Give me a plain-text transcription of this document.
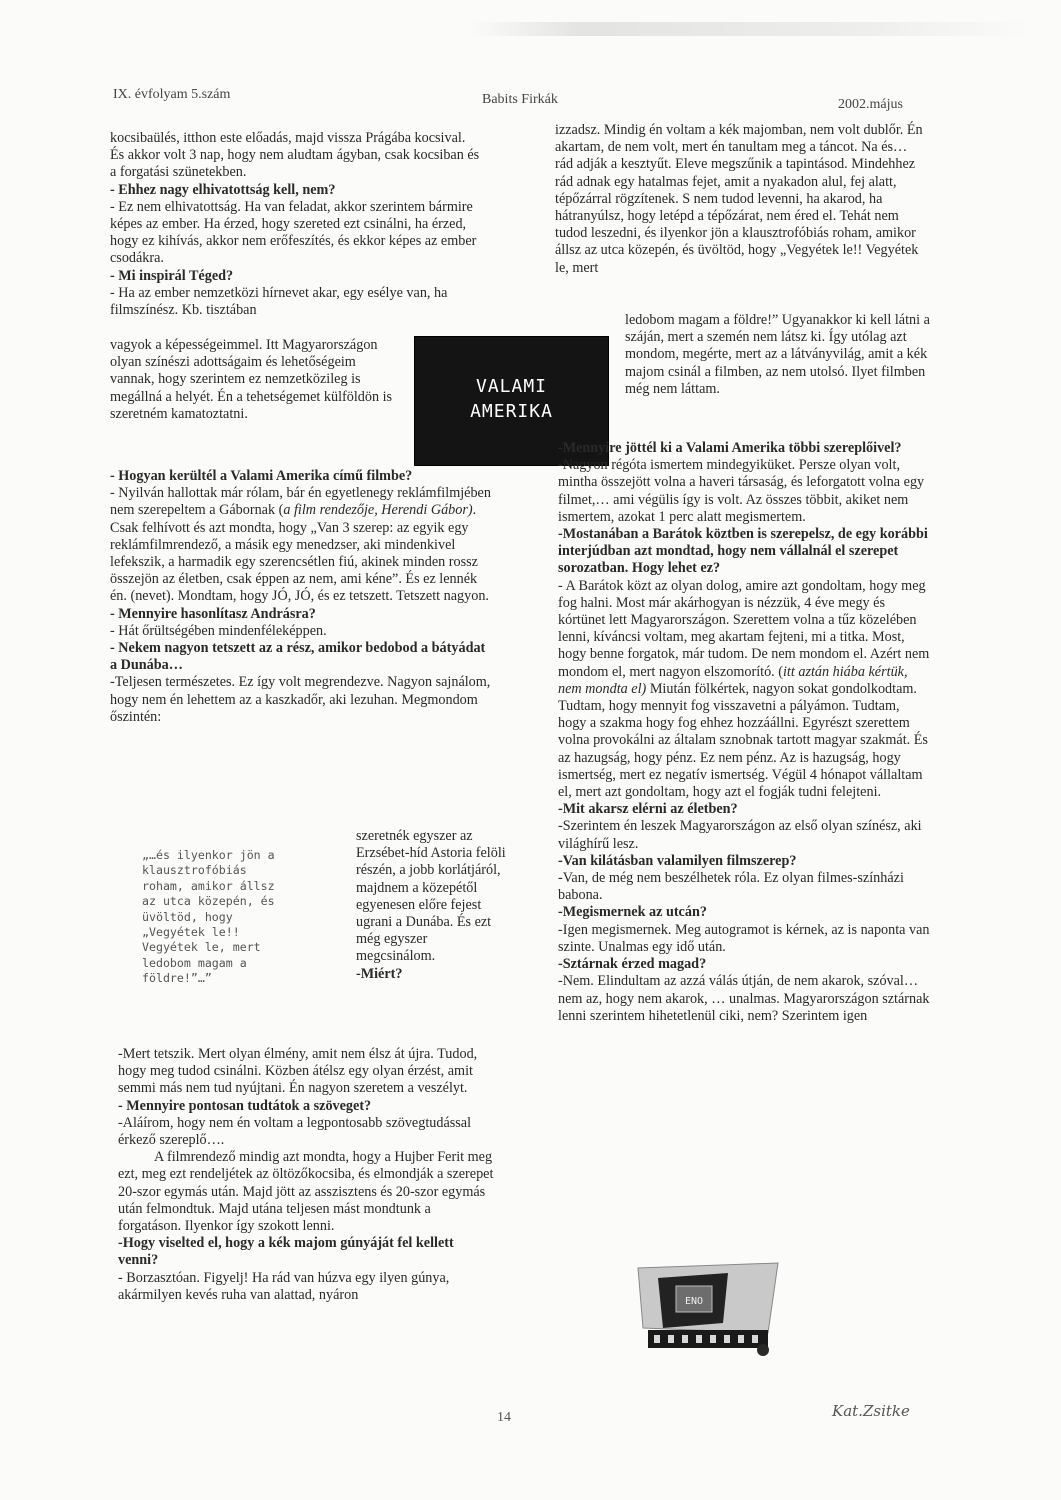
IX. évfolyam 5.szám	Babits Firkák	2002.május

kocsibaülés, itthon este előadás, majd vissza Prágába kocsival. És akkor volt 3 nap, hogy nem aludtam ágyban, csak kocsiban és a forgatási szünetekben.

- Ehhez nagy elhivatottság kell, nem?

- Ez nem elhivatottság. Ha van feladat, akkor szerintem bármire képes az ember. Ha érzed, hogy szereted ezt csinálni, ha érzed, hogy ez kihívás, akkor nem erőfeszítés, és ekkor képes az ember csodákra.

- Mi inspirál Téged?

- Ha az ember nemzetközi hírnevet akar, egy esélye van, ha filmszínész. Kb. tisztában

vagyok a képességeimmel. Itt Magyarországon olyan színészi adottságaim és lehetőségeim vannak, hogy szerintem ez nemzetközileg is megállná a helyét. Én a tehetségemet külföldön is szeretném kamatoztatni.

VALAMI
AMERIKA

- Hogyan kerültél a Valami Amerika című filmbe?

- Nyilván hallottak már rólam, bár én egyetlenegy reklámfilmjében nem szerepeltem a Gábornak (a film rendezője, Herendi Gábor). Csak felhívott és azt mondta, hogy „Van 3 szerep: az egyik egy reklámfilmrendező, a másik egy menedzser, aki mindenkivel lefekszik, a harmadik egy szerencsétlen fiú, akinek minden rossz összejön az életben, csak éppen az nem, ami kéne”. És ez lennék én. (nevet). Mondtam, hogy JÓ, JÓ, és ez tetszett. Tetszett nagyon.

- Mennyire hasonlítasz Andrásra?

- Hát őrültségében mindenféleképpen.

- Nekem nagyon tetszett az a rész, amikor bedobod a bátyádat a Dunába…

-Teljesen természetes. Ez így volt megrendezve. Nagyon sajnálom, hogy nem én lehettem az a kaszkadőr, aki lezuhan. Megmondom őszintén:

„…és ilyenkor jön a
klausztrofóbiás
roham, amikor állsz
az utca közepén, és
üvöltöd, hogy
„Vegyétek le!!
Vegyétek le, mert
ledobom magam a
földre!”…”

szeretnék egyszer az Erzsébet-híd Astoria felöli részén, a jobb korlátjáról, majdnem a közepétől egyenesen előre fejest ugrani a Dunába. És ezt még egyszer megcsinálom.

-Miért?

-Mert tetszik. Mert olyan élmény, amit nem élsz át újra. Tudod, hogy meg tudod csinálni. Közben átélsz egy olyan érzést, amit semmi más nem tud nyújtani. Én nagyon szeretem a veszélyt.

- Mennyire pontosan tudtátok a szöveget?

-Aláírom, hogy nem én voltam a legpontosabb szövegtudással érkező szereplő….

A filmrendező mindig azt mondta, hogy a Hujber Ferit meg ezt, meg ezt rendeljétek az öltözőkocsiba, és elmondják a szerepet 20-szor egymás után. Majd jött az asszisztens és 20-szor egymás után felmondtuk. Majd utána teljesen mást mondtunk a forgatáson. Ilyenkor így szokott lenni.

-Hogy viselted el, hogy a kék majom gúnyáját fel kellett venni?

- Borzasztóan. Figyelj! Ha rád van húzva egy ilyen gúnya, akármilyen kevés ruha van alattad, nyáron

izzadsz. Mindig én voltam a kék majomban, nem volt dublőr. Én akartam, de nem volt, mert én tanultam meg a táncot. Na és… rád adják a kesztyűt. Eleve megszűnik a tapintásod. Mindehhez rád adnak egy hatalmas fejet, amit a nyakadon alul, fej alatt, tépőzárral rögzítenek. S nem tudod levenni, ha akarod, ha hátranyúlsz, hogy letépd a tépőzárat, nem éred el. Tehát nem tudod leszedni, és ilyenkor jön a klausztrofóbiás roham, amikor állsz az utca közepén, és üvöltöd, hogy „Vegyétek le!! Vegyétek le, mert

ledobom magam a földre!” Ugyanakkor ki kell látni a száján, mert a szemén nem látsz ki. Így utólag azt mondom, megérte, mert az a látványvilág, amit a kék majom csinál a filmben, az nem utolsó. Ilyet filmben még nem láttam.

-Mennyire jöttél ki a Valami Amerika többi szereplőivel?

-Nagyon régóta ismertem mindegyiküket. Persze olyan volt, mintha összejött volna a haveri társaság, és leforgatott volna egy filmet,… ami végülis így is volt. Az összes többit, akiket nem ismertem, azokat 1 perc alatt megismertem.

-Mostanában a Barátok köztben is szerepelsz, de egy korábbi interjúdban azt mondtad, hogy nem vállalnál el szerepet sorozatban. Hogy lehet ez?

- A Barátok közt az olyan dolog, amire azt gondoltam, hogy meg fog halni. Most már akárhogyan is nézzük, 4 éve megy és kórtünet lett Magyarországon. Szerettem volna a tűz közelében lenni, kíváncsi voltam, meg akartam fejteni, mi a titka. Most, hogy benne forgatok, már tudom. De nem mondom el. Azért nem mondom el, mert nagyon elszomorító. (itt aztán hiába kértük, nem mondta el) Miután fölkértek, nagyon sokat gondolkodtam. Tudtam, hogy mennyit fog visszavetni a pályámon. Tudtam, hogy a szakma hogy fog ehhez hozzáállni. Egyrészt szerettem volna provokálni az általam sznobnak tartott magyar szakmát. És az hazugság, hogy pénz. Ez nem pénz. Az is hazugság, hogy ismertség, mert ez negatív ismertség. Végül 4 hónapot vállaltam el, mert azt gondoltam, hogy azt el fogják tudni felejteni.

-Mit akarsz elérni az életben?

-Szerintem én leszek Magyarországon az első olyan színész, aki világhírű lesz.

-Van kilátásban valamilyen filmszerep?

-Van, de még nem beszélhetek róla. Ez olyan filmes-színházi babona.

-Megismernek az utcán?

-Igen megismernek. Meg autogramot is kérnek, az is naponta van szinte. Unalmas egy idő után.

-Sztárnak érzed magad?

-Nem. Elindultam az azzá válás útján, de nem akarok, szóval… nem az, hogy nem akarok, … unalmas. Magyarországon sztárnak lenni szerintem hihetetlenül ciki, nem? Szerintem igen

ENO
Kat.Zsitke
14
